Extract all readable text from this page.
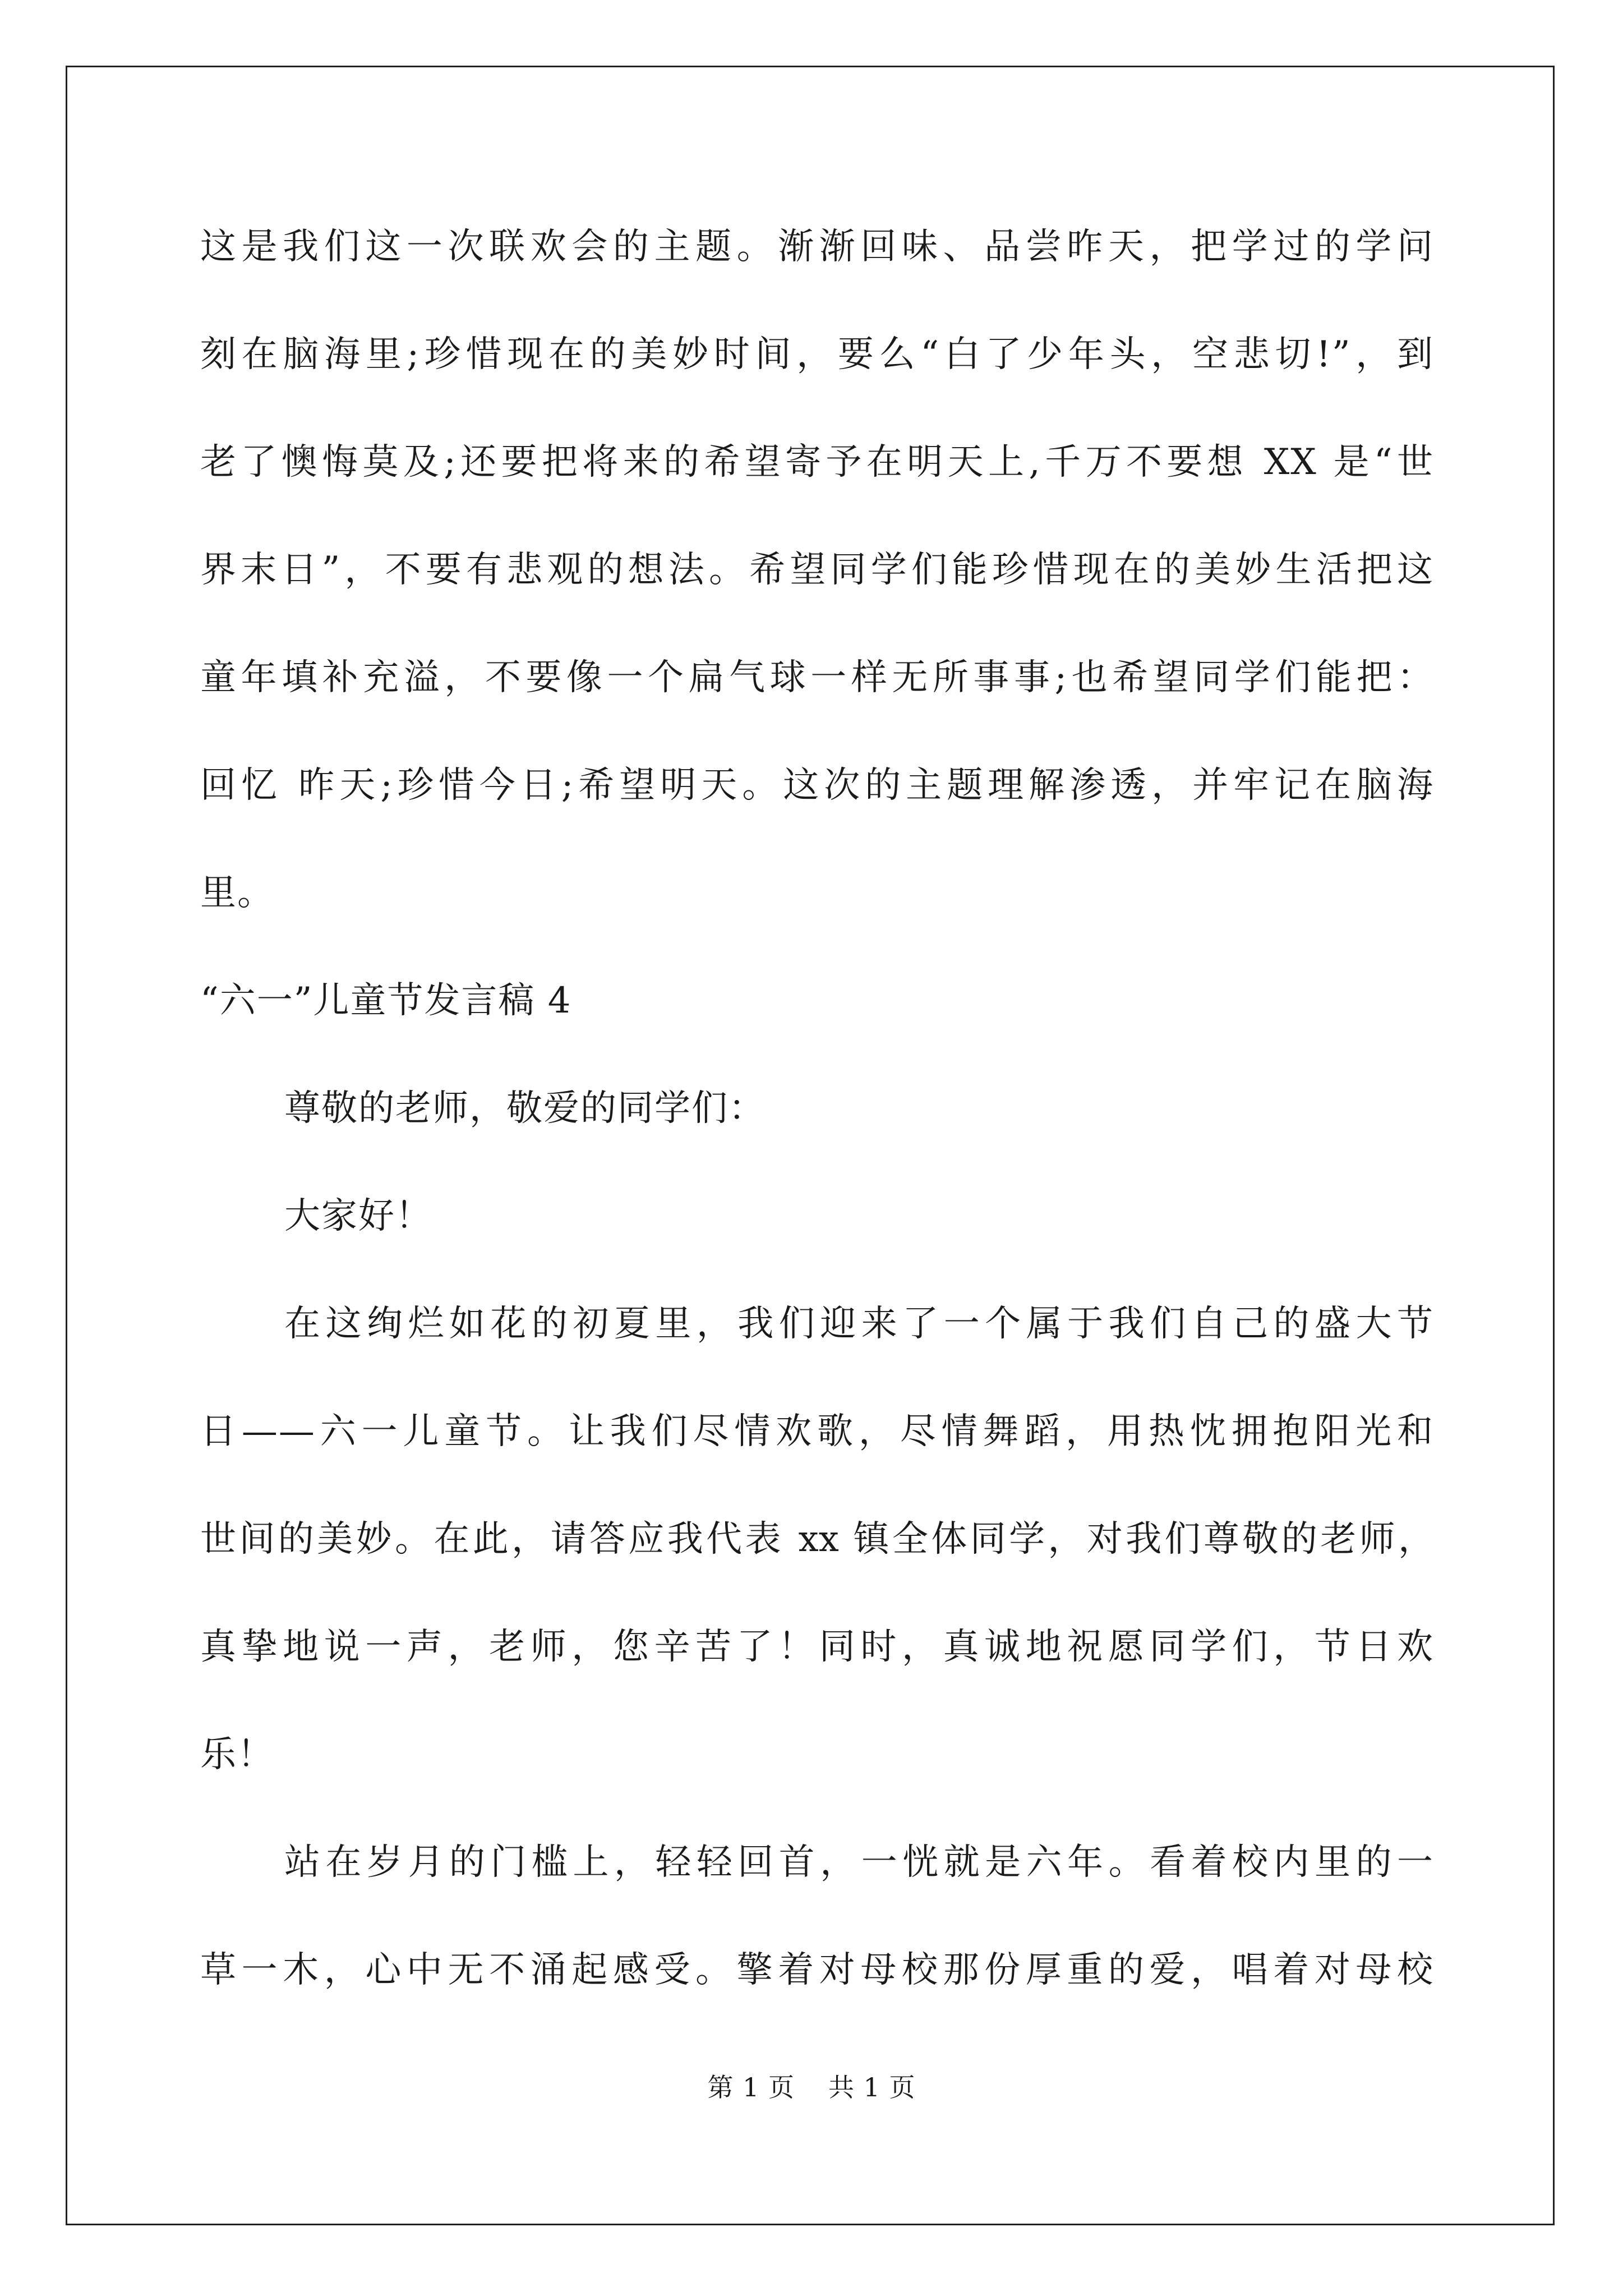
这是我们这一次联欢会的主题。渐渐回味、品尝昨天，把学过的学问
刻在脑海里;珍惜现在的美妙时间，要么“白了少年头，空悲切!”，到
老了懊悔莫及;还要把将来的希望寄予在明天上,千万不要想 XX 是“世
界末日”，不要有悲观的想法。希望同学们能珍惜现在的美妙生活把这
童年填补充溢，不要像一个扁气球一样无所事事;也希望同学们能把：
回忆 昨天;珍惜今日;希望明天。这次的主题理解渗透，并牢记在脑海
里。
“六一”儿童节发言稿 4
尊敬的老师，敬爱的同学们：
大家好！
在这绚烂如花的初夏里，我们迎来了一个属于我们自己的盛大节
日——六一儿童节。让我们尽情欢歌，尽情舞蹈，用热忱拥抱阳光和
世间的美妙。在此，请答应我代表 xx 镇全体同学，对我们尊敬的老师，
真挚地说一声，老师，您辛苦了！同时，真诚地祝愿同学们，节日欢
乐！
站在岁月的门槛上，轻轻回首，一恍就是六年。看着校内里的一
草一木，心中无不涌起感受。擎着对母校那份厚重的爱，唱着对母校
第 1 页 共 1 页
